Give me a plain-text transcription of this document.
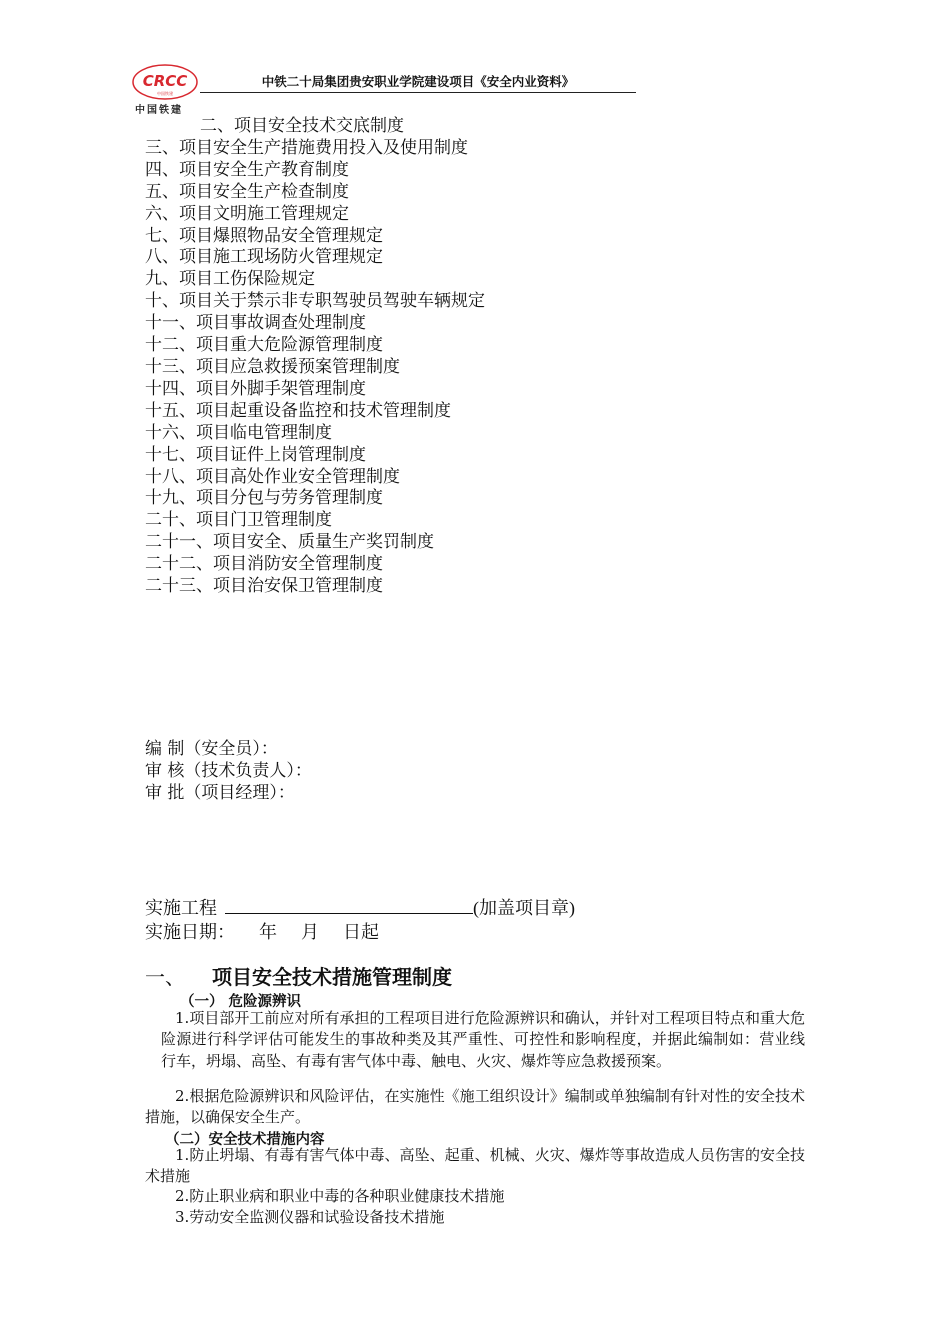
CRCC
中国铁建
中国铁建
中铁二十局集团贵安职业学院建设项目《安全内业资料》
二、项目安全技术交底制度
三、项目安全生产措施费用投入及使用制度
四、项目安全生产教育制度
五、项目安全生产检查制度
六、项目文明施工管理规定
七、项目爆照物品安全管理规定
八、项目施工现场防火管理规定
九、项目工伤保险规定
十、项目关于禁示非专职驾驶员驾驶车辆规定
十一、项目事故调查处理制度
十二、项目重大危险源管理制度
十三、项目应急救援预案管理制度
十四、项目外脚手架管理制度
十五、项目起重设备监控和技术管理制度
十六、项目临电管理制度
十七、项目证件上岗管理制度
十八、项目高处作业安全管理制度
十九、项目分包与劳务管理制度
二十、项目门卫管理制度
二十一、项目安全、质量生产奖罚制度
二十二、项目消防安全管理制度
二十三、项目治安保卫管理制度
编 制（安全员）：
审 核（技术负责人）：
审 批（项目经理）：
实施工程	(加盖项目章)
实施日期： 年 月 日起
一、 项目安全技术措施管理制度
（一） 危险源辨识
1.项目部开工前应对所有承担的工程项目进行危险源辨识和确认，并针对工程项目特点和重大危险源进行科学评估可能发生的事故种类及其严重性、可控性和影响程度，并据此编制如：营业线行车，坍塌、高坠、有毒有害气体中毒、触电、火灾、爆炸等应急救援预案。
2.根据危险源辨识和风险评估，在实施性《施工组织设计》编制或单独编制有针对性的安全技术措施，以确保安全生产。
（二）安全技术措施内容
1.防止坍塌、有毒有害气体中毒、高坠、起重、机械、火灾、爆炸等事故造成人员伤害的安全技术措施
2.防止职业病和职业中毒的各种职业健康技术措施
3.劳动安全监测仪器和试验设备技术措施
